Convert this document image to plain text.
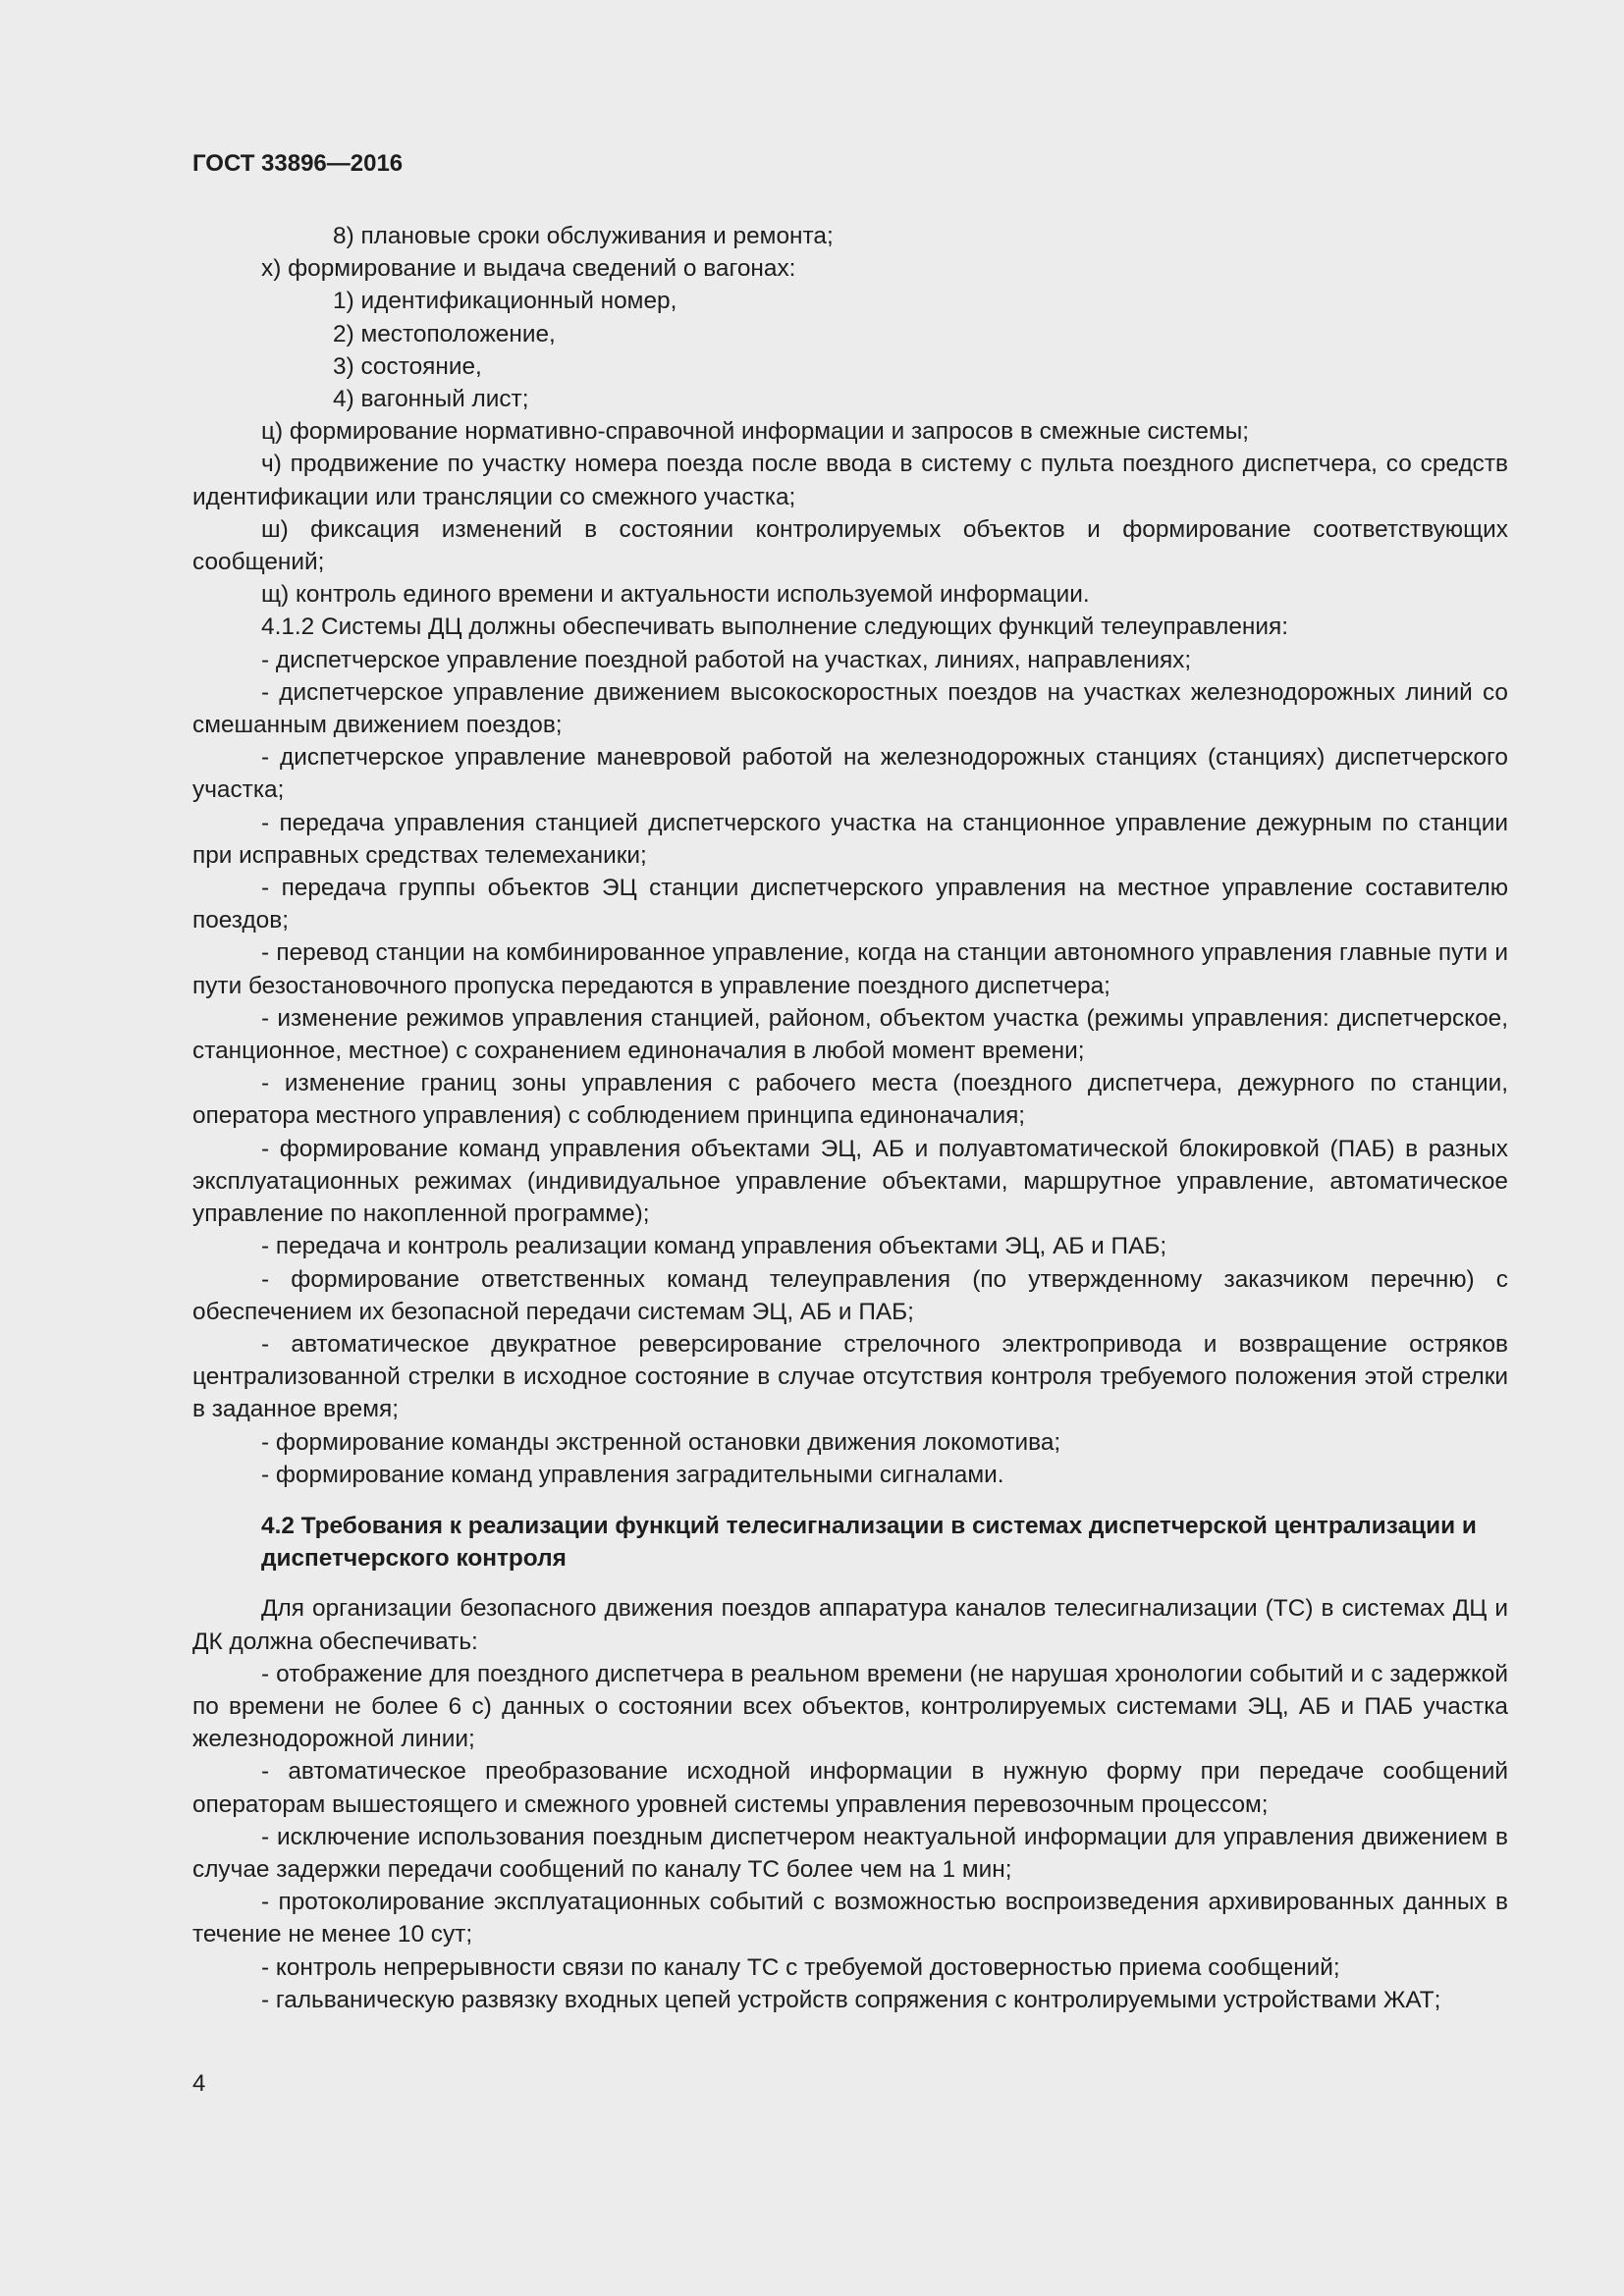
ГОСТ 33896—2016

8) плановые сроки обслуживания и ремонта;

х) формирование и выдача сведений о вагонах:

1) идентификационный номер,

2) местоположение,

3) состояние,

4) вагонный лист;

ц) формирование нормативно-справочной информации и запросов в смежные системы;

ч) продвижение по участку номера поезда после ввода в систему с пульта поездного диспетчера, со средств идентификации или трансляции со смежного участка;

ш) фиксация изменений в состоянии контролируемых объектов и формирование соответствующих сообщений;

щ) контроль единого времени и актуальности используемой информации.

4.1.2 Системы ДЦ должны обеспечивать выполнение следующих функций телеуправления:

- диспетчерское управление поездной работой на участках, линиях, направлениях;

- диспетчерское управление движением высокоскоростных поездов на участках железнодорожных линий со смешанным движением поездов;

- диспетчерское управление маневровой работой на железнодорожных станциях (станциях) диспетчерского участка;

- передача управления станцией диспетчерского участка на станционное управление дежурным по станции при исправных средствах телемеханики;

- передача группы объектов ЭЦ станции диспетчерского управления на местное управление составителю поездов;

- перевод станции на комбинированное управление, когда на станции автономного управления главные пути и пути безостановочного пропуска передаются в управление поездного диспетчера;

- изменение режимов управления станцией, районом, объектом участка (режимы управления: диспетчерское, станционное, местное) с сохранением единоначалия в любой момент времени;

- изменение границ зоны управления с рабочего места (поездного диспетчера, дежурного по станции, оператора местного управления) с соблюдением принципа единоначалия;

- формирование команд управления объектами ЭЦ, АБ и полуавтоматической блокировкой (ПАБ) в разных эксплуатационных режимах (индивидуальное управление объектами, маршрутное управление, автоматическое управление по накопленной программе);

- передача и контроль реализации команд управления объектами ЭЦ, АБ и ПАБ;

- формирование ответственных команд телеуправления (по утвержденному заказчиком перечню) с обеспечением их безопасной передачи системам ЭЦ, АБ и ПАБ;

- автоматическое двукратное реверсирование стрелочного электропривода и возвращение остряков централизованной стрелки в исходное состояние в случае отсутствия контроля требуемого положения этой стрелки в заданное время;

- формирование команды экстренной остановки движения локомотива;

- формирование команд управления заградительными сигналами.

4.2 Требования к реализации функций телесигнализации в системах диспетчерской централизации и диспетчерского контроля

Для организации безопасного движения поездов аппаратура каналов телесигнализации (ТС) в системах ДЦ и ДК должна обеспечивать:

- отображение для поездного диспетчера в реальном времени (не нарушая хронологии событий и с задержкой по времени не более 6 с) данных о состоянии всех объектов, контролируемых системами ЭЦ, АБ и ПАБ участка железнодорожной линии;

- автоматическое преобразование исходной информации в нужную форму при передаче сообщений операторам вышестоящего и смежного уровней системы управления перевозочным процессом;

- исключение использования поездным диспетчером неактуальной информации для управления движением в случае задержки передачи сообщений по каналу ТС более чем на 1 мин;

- протоколирование эксплуатационных событий с возможностью воспроизведения архивированных данных в течение не менее 10 сут;

- контроль непрерывности связи по каналу ТС с требуемой достоверностью приема сообщений;

- гальваническую развязку входных цепей устройств сопряжения с контролируемыми устройствами ЖАТ;

4
